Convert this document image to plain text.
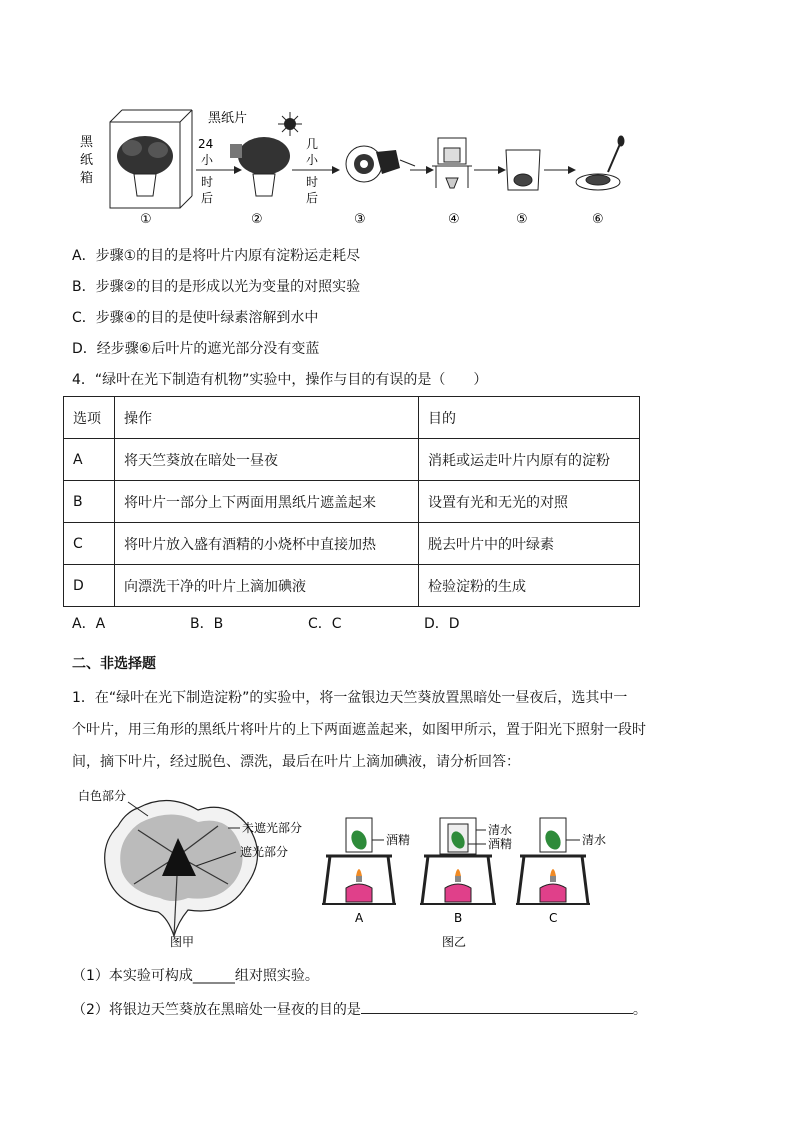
黑
纸
箱
24
小
时
后
黑纸片
几
小
时
后
①	②	③	④	⑤	⑥
A．步骤①的目的是将叶片内原有淀粉运走耗尽
B．步骤②的目的是形成以光为变量的对照实验
C．步骤④的目的是使叶绿素溶解到水中
D．经步骤⑥后叶片的遮光部分没有变蓝
4．“绿叶在光下制造有机物”实验中，操作与目的有误的是（　　）
选项	操作	目的
A	将天竺葵放在暗处一昼夜	消耗或运走叶片内原有的淀粉
B	将叶片一部分上下两面用黑纸片遮盖起来	设置有光和无光的对照
C	将叶片放入盛有酒精的小烧杯中直接加热	脱去叶片中的叶绿素
D	向漂洗干净的叶片上滴加碘液	检验淀粉的生成
A．A	B．B	C．C	D．D
二、非选择题
1．在“绿叶在光下制造淀粉”的实验中，将一盆银边天竺葵放置黑暗处一昼夜后，选其中一
个叶片，用三角形的黑纸片将叶片的上下两面遮盖起来，如图甲所示，置于阳光下照射一段时
间，摘下叶片，经过脱色、漂洗，最后在叶片上滴加碘液，请分析回答：
白色部分
未遮光部分
遮光部分
图甲
酒精
A
清水
酒精
B
清水
C
图乙
（1）本实验可构成______组对照实验。
（2）将银边天竺葵放在黑暗处一昼夜的目的是	。
